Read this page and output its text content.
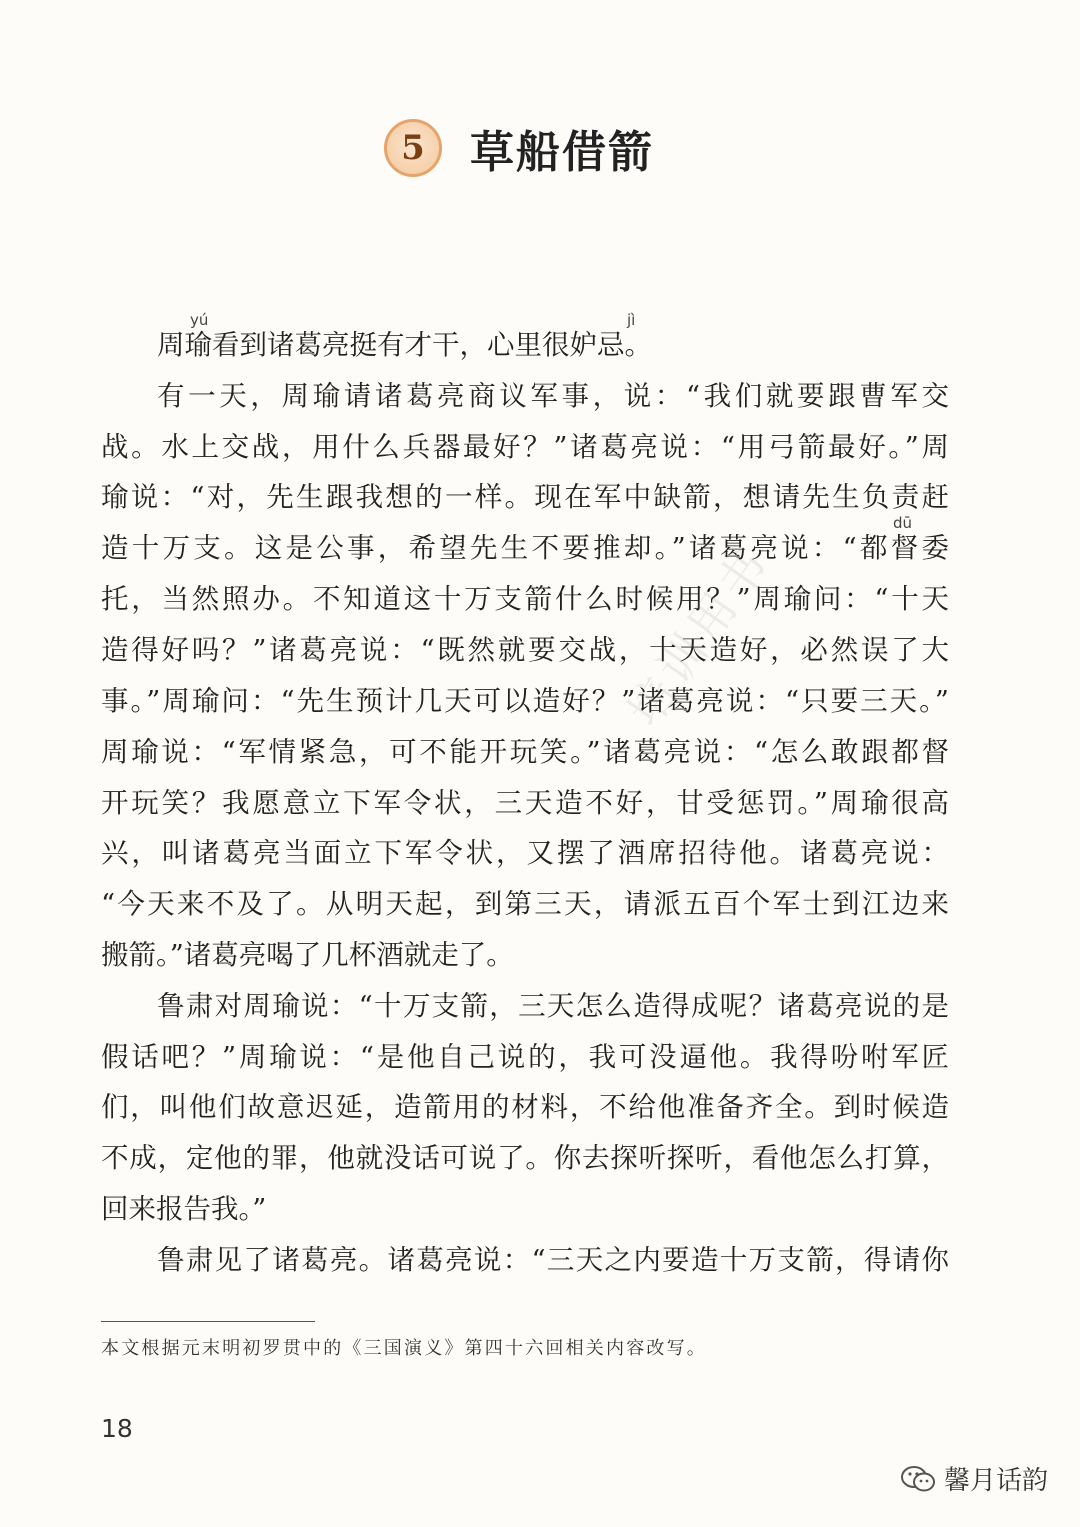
5 草船借箭
yú	jì
dū
周瑜看到诸葛亮挺有才干，心里很妒忌。
有一天，周瑜请诸葛亮商议军事，说：“我们就要跟曹军交
战。水上交战，用什么兵器最好？”诸葛亮说：“用弓箭最好。”周
瑜说：“对，先生跟我想的一样。现在军中缺箭，想请先生负责赶
造十万支。这是公事，希望先生不要推却。”诸葛亮说：“都督委
托，当然照办。不知道这十万支箭什么时候用？”周瑜问：“十天
造得好吗？”诸葛亮说：“既然就要交战，十天造好，必然误了大
事。”周瑜问：“先生预计几天可以造好？”诸葛亮说：“只要三天。”
周瑜说：“军情紧急，可不能开玩笑。”诸葛亮说：“怎么敢跟都督
开玩笑？我愿意立下军令状，三天造不好，甘受惩罚。”周瑜很高
兴，叫诸葛亮当面立下军令状，又摆了酒席招待他。诸葛亮说：
“今天来不及了。从明天起，到第三天，请派五百个军士到江边来
搬箭。”诸葛亮喝了几杯酒就走了。
鲁肃对周瑜说：“十万支箭，三天怎么造得成呢？诸葛亮说的是
假话吧？”周瑜说：“是他自己说的，我可没逼他。我得吩咐军匠
们，叫他们故意迟延，造箭用的材料，不给他准备齐全。到时候造
不成，定他的罪，他就没话可说了。你去探听探听，看他怎么打算，
回来报告我。”
鲁肃见了诸葛亮。诸葛亮说：“三天之内要造十万支箭，得请你
培训用书
本文根据元末明初罗贯中的《三国演义》第四十六回相关内容改写。
18
馨月话韵
